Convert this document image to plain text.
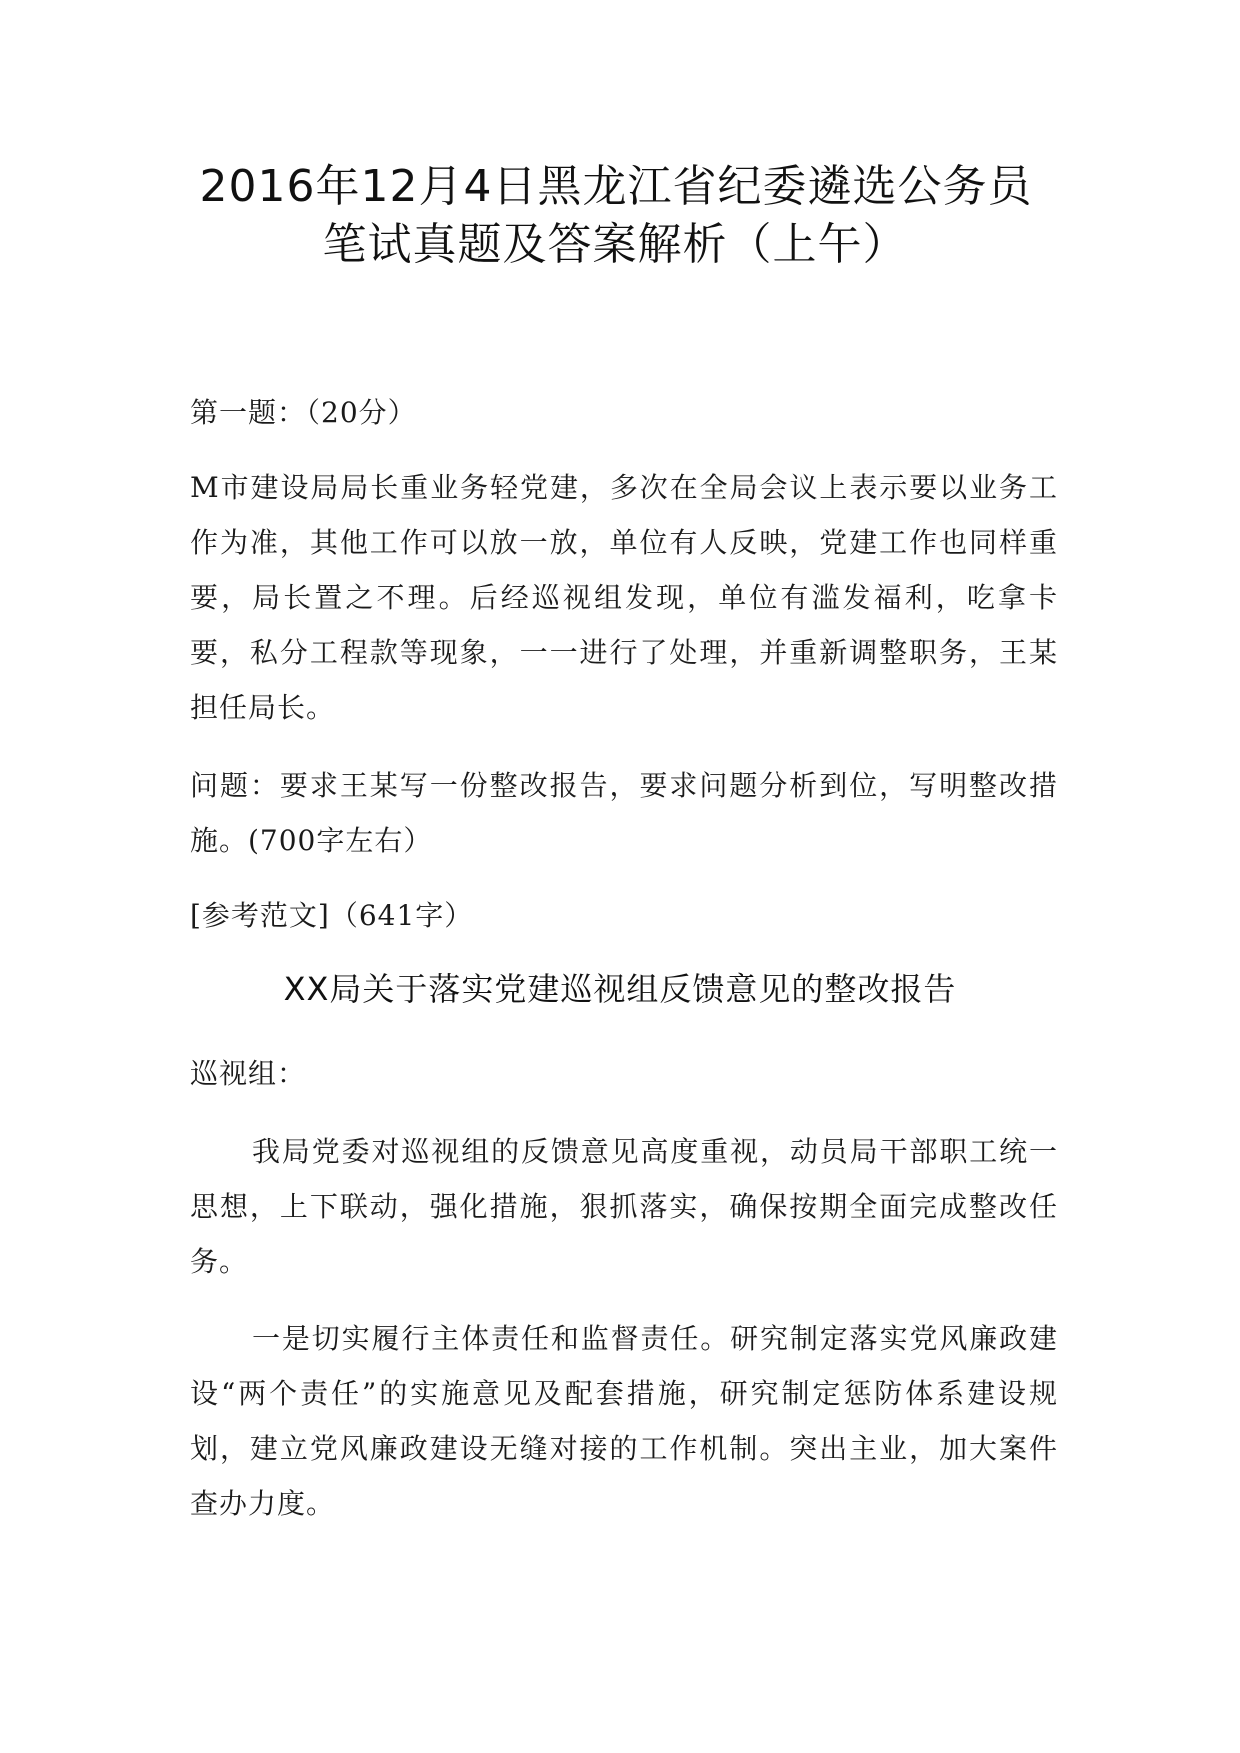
2016年12月4日黑龙江省纪委遴选公务员
笔试真题及答案解析（上午）

第一题：（20分）

M市建设局局长重业务轻党建，多次在全局会议上表示要以业务工作为准，其他工作可以放一放，单位有人反映，党建工作也同样重要，局长置之不理。后经巡视组发现，单位有滥发福利，吃拿卡要，私分工程款等现象，一一进行了处理，并重新调整职务，王某担任局长。

问题：要求王某写一份整改报告，要求问题分析到位，写明整改措施。(700字左右）

[参考范文]（641字）

XX局关于落实党建巡视组反馈意见的整改报告

巡视组：

我局党委对巡视组的反馈意见高度重视，动员局干部职工统一思想，上下联动，强化措施，狠抓落实，确保按期全面完成整改任务。

一是切实履行主体责任和监督责任。研究制定落实党风廉政建设“两个责任”的实施意见及配套措施，研究制定惩防体系建设规划，建立党风廉政建设无缝对接的工作机制。突出主业，加大案件查办力度。
